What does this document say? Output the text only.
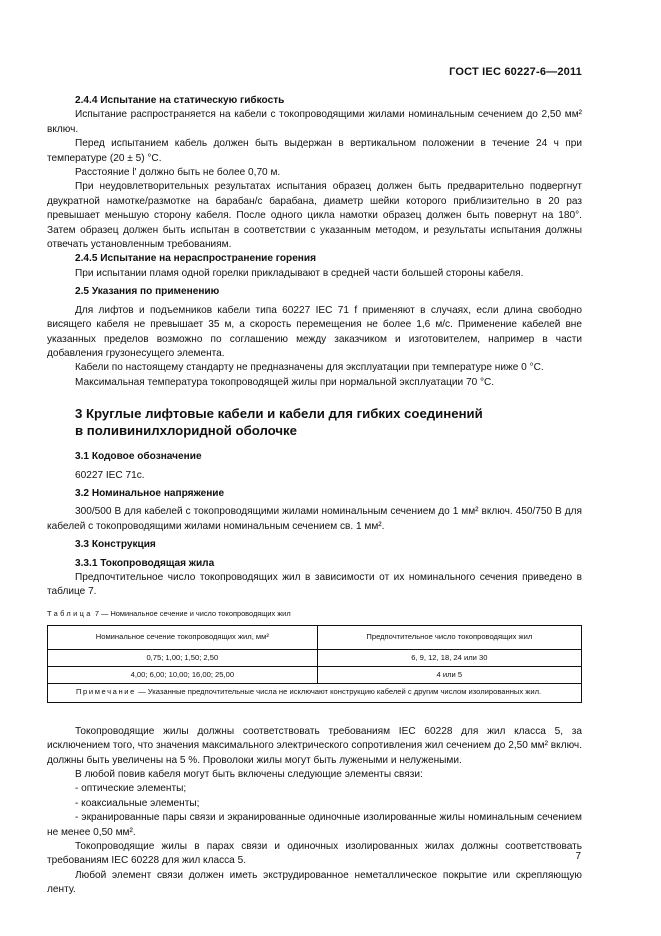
ГОСТ IEC 60227-6—2011

2.4.4 Испытание на статическую гибкость

Испытание распространяется на кабели с токопроводящими жилами номинальным сечением до 2,50 мм² включ.

Перед испытанием кабель должен быть выдержан в вертикальном положении в течение 24 ч при температуре (20 ± 5) °С.

Расстояние l' должно быть не более 0,70 м.

При неудовлетворительных результатах испытания образец должен быть предварительно подвергнут двукратной намотке/размотке на барабан/с барабана, диаметр шейки которого приблизительно в 20 раз превышает меньшую сторону кабеля. После одного цикла намотки образец должен быть повернут на 180°. Затем образец должен быть испытан в соответствии с указанным методом, и результаты испытания должны отвечать установленным требованиям.

2.4.5 Испытание на нераспространение горения

При испытании пламя одной горелки прикладывают в средней части большей стороны кабеля.

2.5 Указания по применению

Для лифтов и подъемников кабели типа 60227 IEC 71 f применяют в случаях, если длина свободно висящего кабеля не превышает 35 м, а скорость перемещения не более 1,6 м/с. Применение кабелей вне указанных пределов возможно по соглашению между заказчиком и изготовителем, например в части добавления грузонесущего элемента.

Кабели по настоящему стандарту не предназначены для эксплуатации при температуре ниже 0 °С.

Максимальная температура токопроводящей жилы при нормальной эксплуатации 70 °С.

3 Круглые лифтовые кабели и кабели для гибких соединений
в поливинилхлоридной оболочке

3.1 Кодовое обозначение

60227 IEC 71c.

3.2 Номинальное напряжение

300/500 В для кабелей с токопроводящими жилами номинальным сечением до 1 мм² включ. 450/750 В для кабелей с токопроводящими жилами номинальным сечением св. 1 мм².

3.3 Конструкция

3.3.1 Токопроводящая жила

Предпочтительное число токопроводящих жил в зависимости от их номинального сечения приведено в таблице 7.

Таблица 7 — Номинальное сечение и число токопроводящих жил
Номинальное сечение токопроводящих жил, мм²	Предпочтительное число токопроводящих жил
0,75; 1,00; 1,50; 2,50	6, 9, 12, 18, 24 или 30
4,00; 6,00; 10,00; 16,00; 25,00	4 или 5
Примечание — Указанные предпочтительные числа не исключают конструкцию кабелей с другим числом изолированных жил.	

Токопроводящие жилы должны соответствовать требованиям IEC 60228 для жил класса 5, за исключением того, что значения максимального электрического сопротивления жил сечением до 2,50 мм² включ. должны быть увеличены на 5 %. Проволоки жилы могут быть лужеными и нелужеными.

В любой повив кабеля могут быть включены следующие элементы связи:

- оптические элементы;

- коаксиальные элементы;

- экранированные пары связи и экранированные одиночные изолированные жилы номинальным сечением не менее 0,50 мм².

Токопроводящие жилы в парах связи и одиночных изолированных жилах должны соответствовать требованиям IEC 60228 для жил класса 5.

Любой элемент связи должен иметь экструдированное неметаллическое покрытие или скрепляющую ленту.

7
